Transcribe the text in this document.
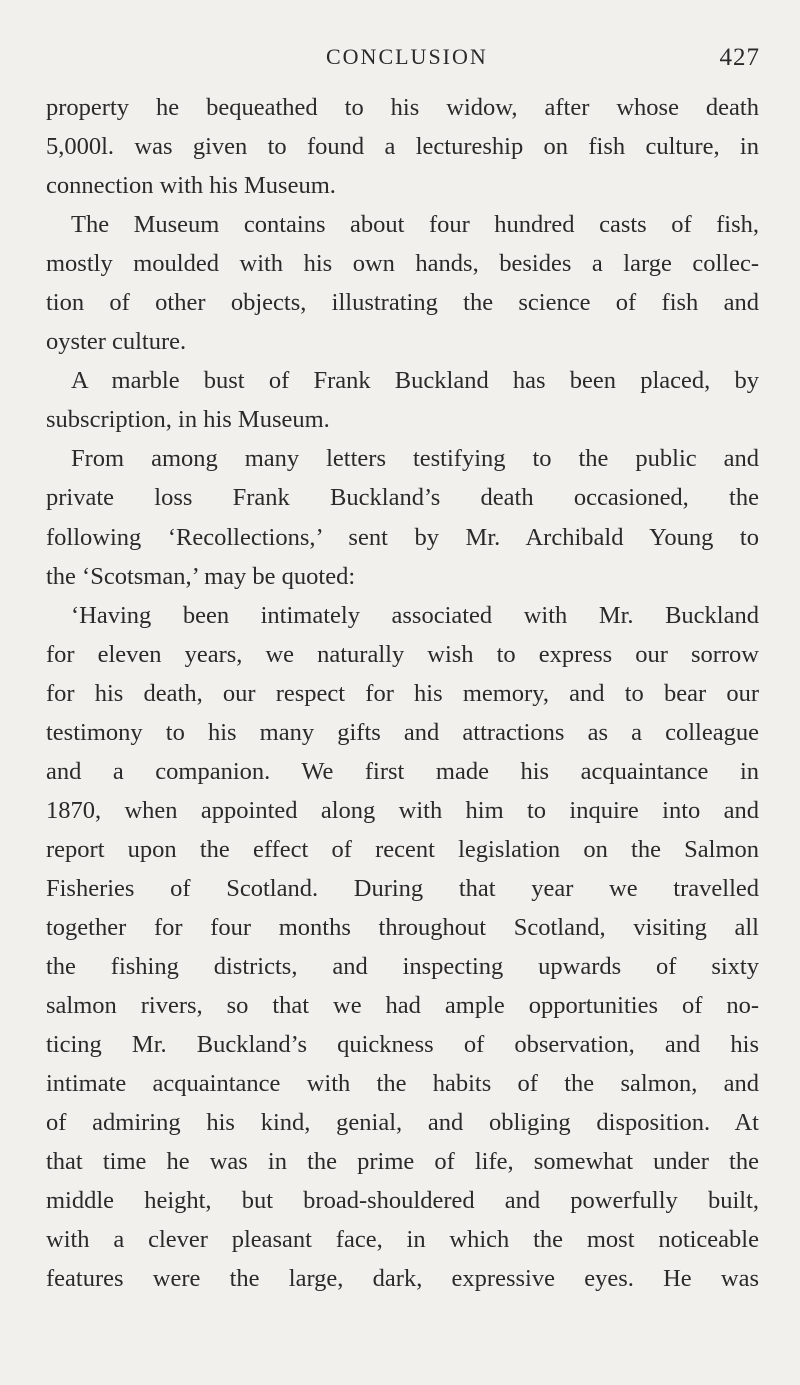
CONCLUSION	427
property he bequeathed to his widow, after whose death
5,000l. was given to found a lectureship on fish culture, in
connection with his Museum.
The Museum contains about four hundred casts of fish,
mostly moulded with his own hands, besides a large collec-
tion of other objects, illustrating the science of fish and
oyster culture.
A marble bust of Frank Buckland has been placed, by
subscription, in his Museum.
From among many letters testifying to the public and
private loss Frank Buckland’s death occasioned, the
following ‘Recollections,’ sent by Mr. Archibald Young to
the ‘Scotsman,’ may be quoted:
‘Having been intimately associated with Mr. Buckland
for eleven years, we naturally wish to express our sorrow
for his death, our respect for his memory, and to bear our
testimony to his many gifts and attractions as a colleague
and a companion. We first made his acquaintance in
1870, when appointed along with him to inquire into and
report upon the effect of recent legislation on the Salmon
Fisheries of Scotland. During that year we travelled
together for four months throughout Scotland, visiting all
the fishing districts, and inspecting upwards of sixty
salmon rivers, so that we had ample opportunities of no-
ticing Mr. Buckland’s quickness of observation, and his
intimate acquaintance with the habits of the salmon, and
of admiring his kind, genial, and obliging disposition. At
that time he was in the prime of life, somewhat under the
middle height, but broad-shouldered and powerfully built,
with a clever pleasant face, in which the most noticeable
features were the large, dark, expressive eyes. He was
